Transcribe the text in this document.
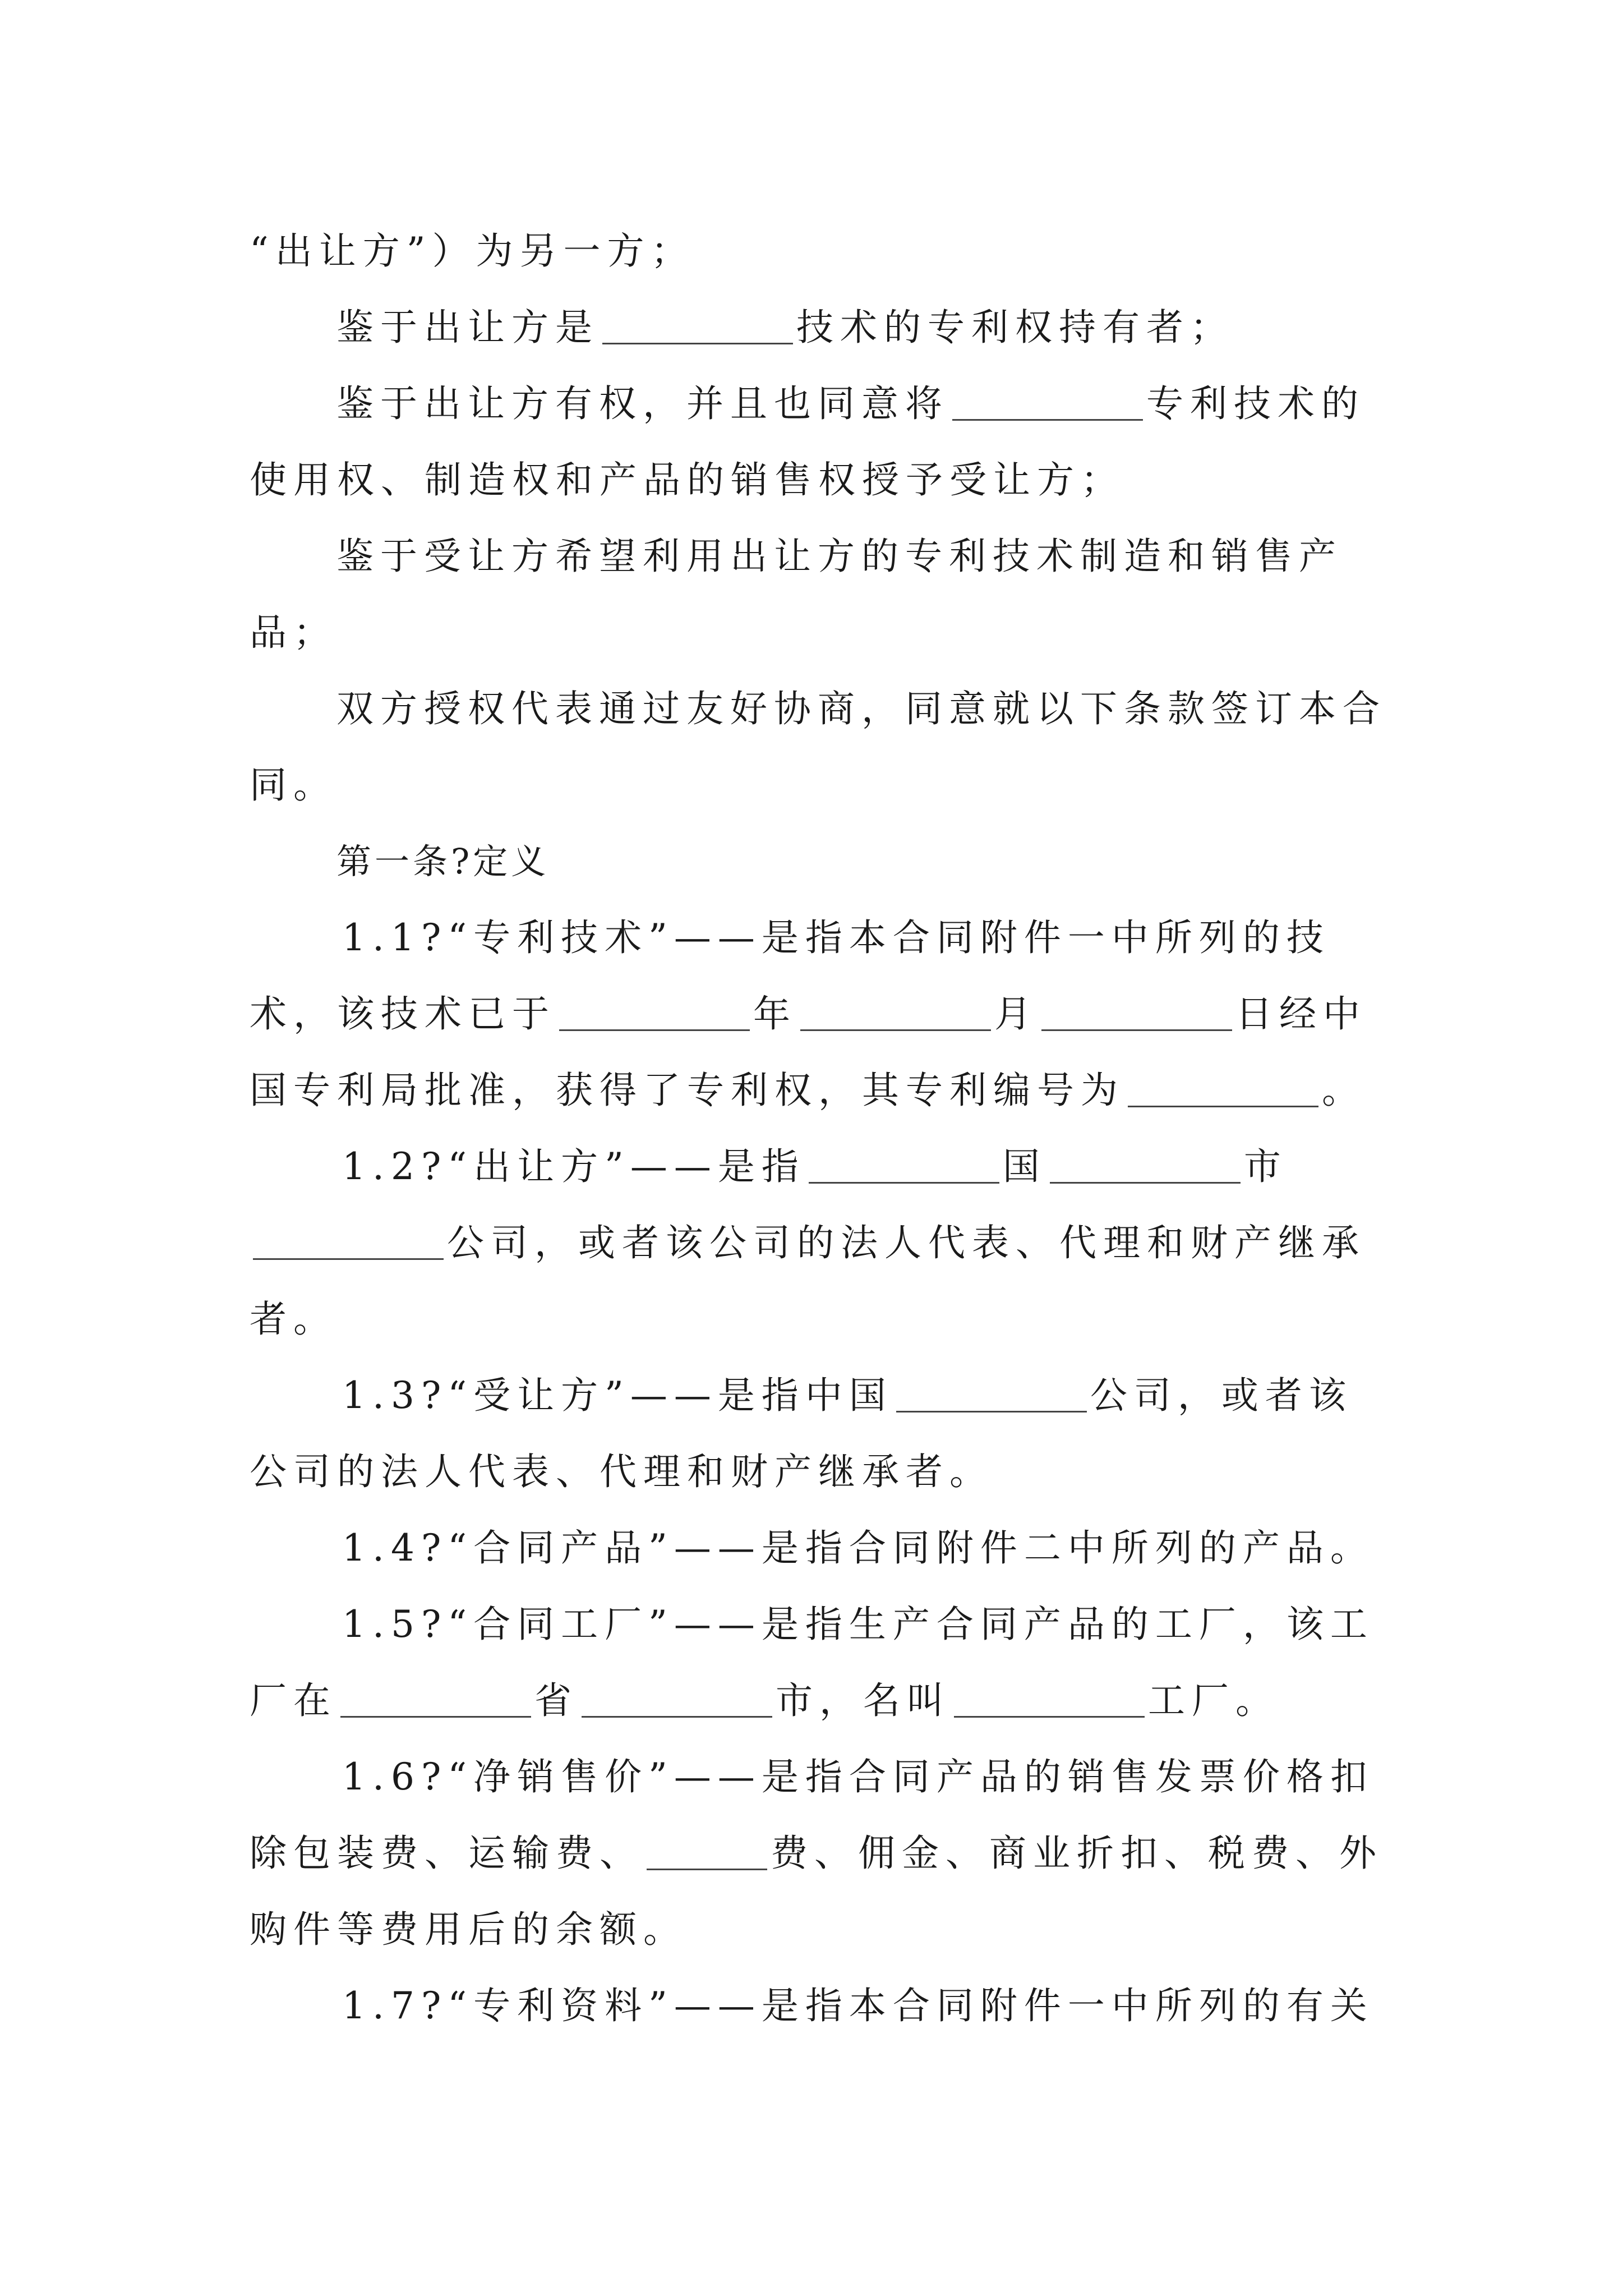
“出让方”）为另一方；
鉴于出让方是	技术的专利权持有者；
鉴于出让方有权，并且也同意将	专利技术的
使用权、制造权和产品的销售权授予受让方；
鉴于受让方希望利用出让方的专利技术制造和销售产
品；
双方授权代表通过友好协商，同意就以下条款签订本合
同。
第一条?定义
1.1?“专利技术”——是指本合同附件一中所列的技
术，该技术已于	年	月	日经中
国专利局批准，获得了专利权，其专利编号为	。
1.2?“出让方”——是指	国	市
公司，或者该公司的法人代表、代理和财产继承
者。
1.3?“受让方”——是指中国	公司，或者该
公司的法人代表、代理和财产继承者。
1.4?“合同产品”——是指合同附件二中所列的产品。
1.5?“合同工厂”——是指生产合同产品的工厂，该工
厂在	省	市，名叫	工厂。
1.6?“净销售价”——是指合同产品的销售发票价格扣
除包装费、运输费、	费、佣金、商业折扣、税费、外
购件等费用后的余额。
1.7?“专利资料”——是指本合同附件一中所列的有关
